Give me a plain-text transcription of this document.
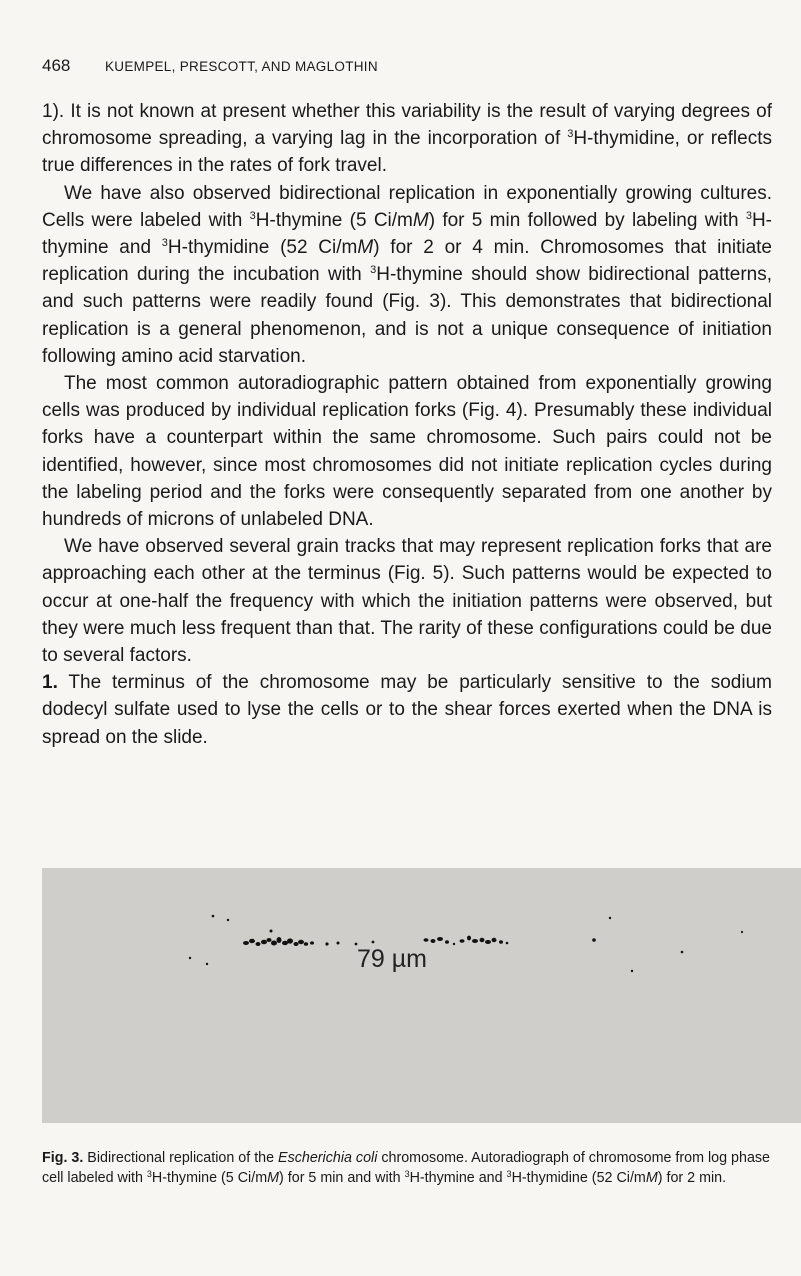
468	KUEMPEL, PRESCOTT, AND MAGLOTHIN

1). It is not known at present whether this variability is the result of varying degrees of chromosome spreading, a varying lag in the incorporation of $^3$H-thymidine, or reflects true differences in the rates of fork travel.

We have also observed bidirectional replication in exponentially growing cultures. Cells were labeled with $^3$H-thymine (5 Ci/mM) for 5 min followed by labeling with $^3$H-thymine and $^3$H-thymidine (52 Ci/mM) for 2 or 4 min. Chromosomes that initiate replication during the incubation with $^3$H-thymine should show bidirectional patterns, and such patterns were readily found (Fig. 3). This demonstrates that bidirectional replication is a general phenomenon, and is not a unique consequence of initiation following amino acid starvation.

The most common autoradiographic pattern obtained from exponentially growing cells was produced by individual replication forks (Fig. 4). Presumably these individual forks have a counterpart within the same chromosome. Such pairs could not be identified, however, since most chromosomes did not initiate replication cycles during the labeling period and the forks were consequently separated from one another by hundreds of microns of unlabeled DNA.

We have observed several grain tracks that may represent replication forks that are approaching each other at the terminus (Fig. 5). Such patterns would be expected to occur at one-half the frequency with which the initiation patterns were observed, but they were much less frequent than that. The rarity of these configurations could be due to several factors.

1. The terminus of the chromosome may be particularly sensitive to the sodium dodecyl sulfate used to lyse the cells or to the shear forces exerted when the DNA is spread on the slide.

79 µm
Fig. 3. Bidirectional replication of the Escherichia coli chromosome. Autoradiograph of chromosome from log phase cell labeled with $^3$H-thymine (5 Ci/mM) for 5 min and with $^3$H-thymine and $^3$H-thymidine (52 Ci/mM) for 2 min.
